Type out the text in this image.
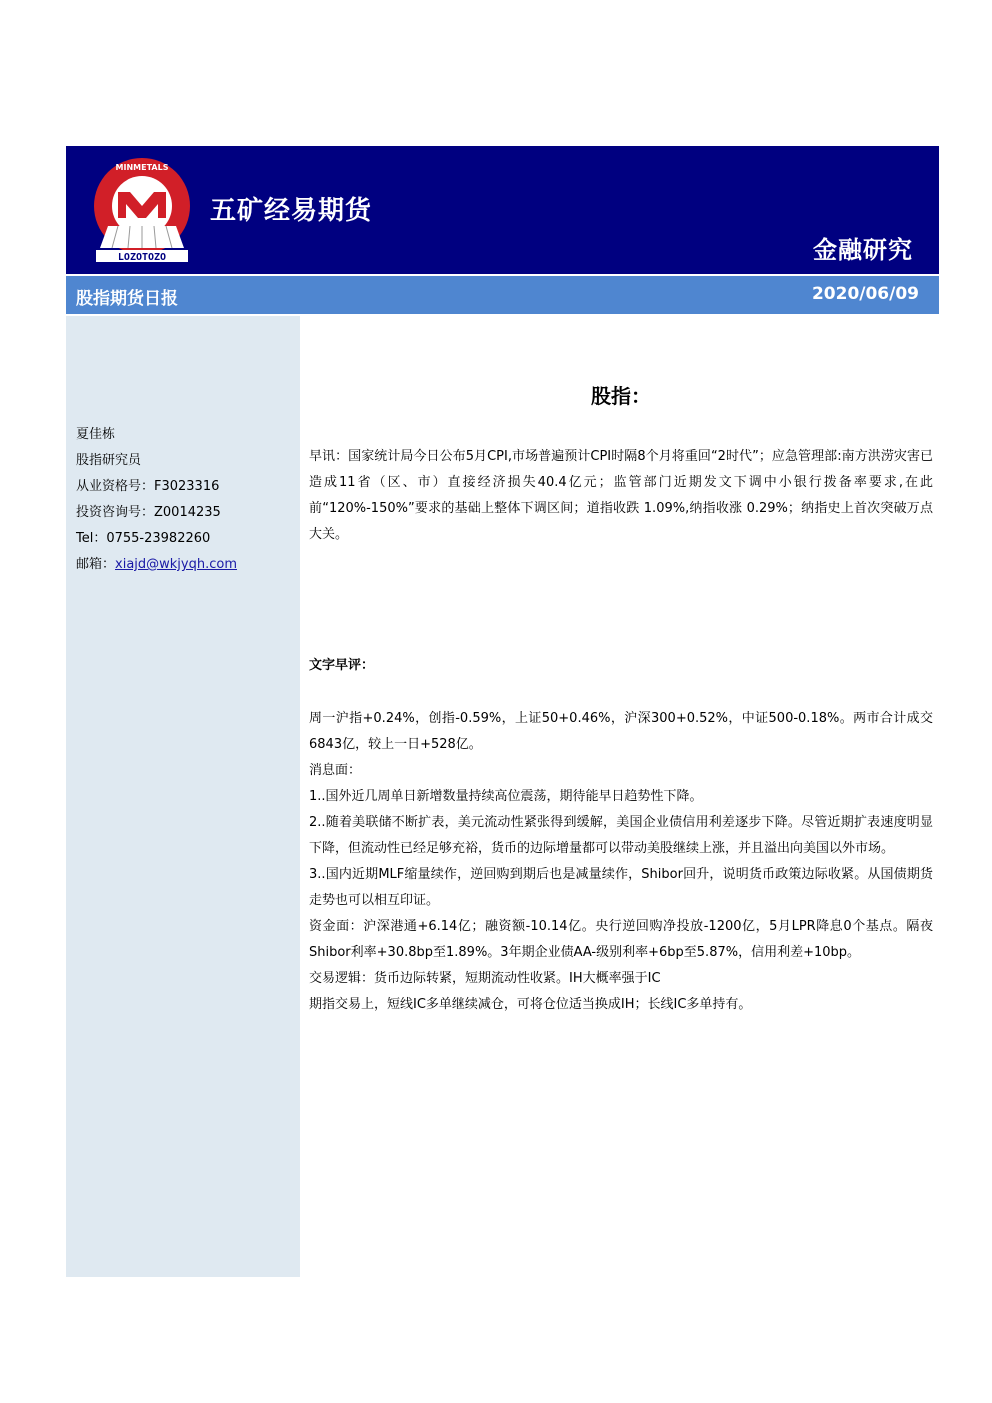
LOZOTOZO
MINMETALS
五矿经易期货
金融研究
股指期货日报	2020/06/09
夏佳栋
股指研究员
从业资格号：F3023316
投资咨询号：Z0014235
Tel：0755-23982260
邮箱：xiajd@wkjyqh.com
股指：

早讯：国家统计局今日公布5月CPI,市场普遍预计CPI时隔8个月将重回“2时代”；应急管理部:南方洪涝灾害已造成11省（区、市）直接经济损失40.4亿元；监管部门近期发文下调中小银行拨备率要求,在此前“120%-150%”要求的基础上整体下调区间；道指收跌 1.09%,纳指收涨 0.29%；纳指史上首次突破万点大关。

文字早评：

周一沪指+0.24%，创指-0.59%，上证50+0.46%，沪深300+0.52%，中证500-0.18%。两市合计成交6843亿，较上一日+528亿。

消息面：

1..国外近几周单日新增数量持续高位震荡，期待能早日趋势性下降。

2..随着美联储不断扩表，美元流动性紧张得到缓解，美国企业债信用利差逐步下降。尽管近期扩表速度明显下降，但流动性已经足够充裕，货币的边际增量都可以带动美股继续上涨，并且溢出向美国以外市场。

3..国内近期MLF缩量续作，逆回购到期后也是减量续作，Shibor回升，说明货币政策边际收紧。从国债期货走势也可以相互印证。

资金面：沪深港通+6.14亿；融资额-10.14亿。央行逆回购净投放-1200亿，5月LPR降息0个基点。隔夜Shibor利率+30.8bp至1.89%。3年期企业债AA-级别利率+6bp至5.87%，信用利差+10bp。

交易逻辑：货币边际转紧，短期流动性收紧。IH大概率强于IC

期指交易上，短线IC多单继续减仓，可将仓位适当换成IH；长线IC多单持有。
